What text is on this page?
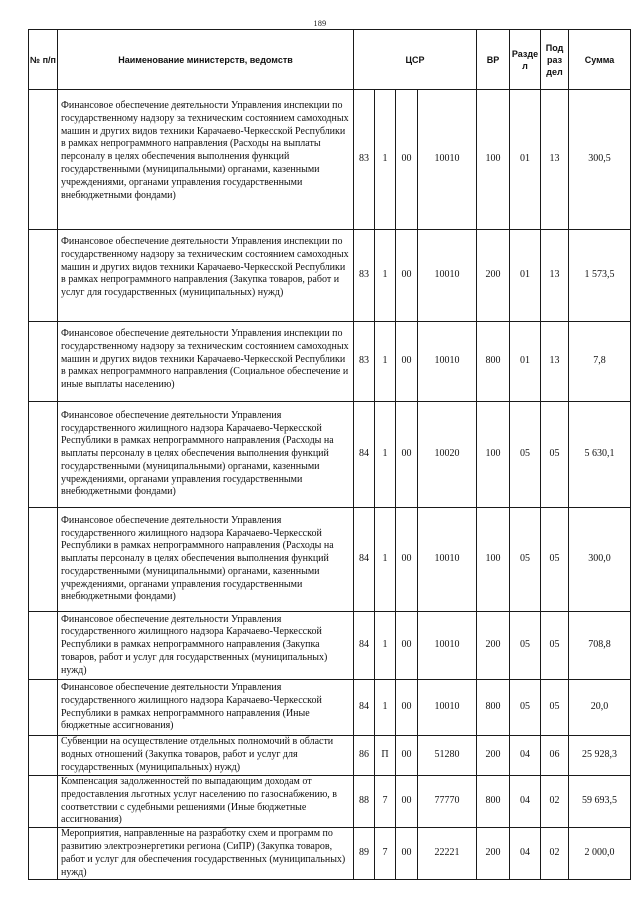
189
№ п/п	Наименование министерств, ведомств	ЦСР				ВР	Разде л	Под раз дел	Сумма
	Финансовое обеспечение деятельности Управления инспекции по государственному надзору за техническим состоянием самоходных машин и других видов техники Карачаево-Черкесской Республики в рамках непрограммного направления (Расходы на выплаты персоналу в целях обеспечения выполнения функций государственными (муниципальными) органами, казенными учреждениями, органами управления государственными внебюджетными фондами)	83	1	00	10010	100	01	13	300,5
	Финансовое обеспечение деятельности Управления инспекции по государственному надзору за техническим состоянием самоходных машин и других видов техники Карачаево-Черкесской Республики в рамках непрограммного направления (Закупка товаров, работ и услуг для государственных (муниципальных) нужд)	83	1	00	10010	200	01	13	1 573,5
	Финансовое обеспечение деятельности Управления инспекции по государственному надзору за техническим состоянием самоходных машин и других видов техники Карачаево-Черкесской Республики в рамках непрограммного направления (Социальное обеспечение и иные выплаты населению)	83	1	00	10010	800	01	13	7,8
	Финансовое обеспечение деятельности Управления государственного жилищного надзора Карачаево-Черкесской Республики в рамках непрограммного направления (Расходы на выплаты персоналу в целях обеспечения выполнения функций государственными (муниципальными) органами, казенными учреждениями, органами управления государственными внебюджетными фондами)	84	1	00	10020	100	05	05	5 630,1
	Финансовое обеспечение деятельности Управления государственного жилищного надзора Карачаево-Черкесской Республики в рамках непрограммного направления (Расходы на выплаты персоналу в целях обеспечения выполнения функций государственными (муниципальными) органами, казенными учреждениями, органами управления государственными внебюджетными фондами)	84	1	00	10010	100	05	05	300,0
	Финансовое обеспечение деятельности Управления государственного жилищного надзора Карачаево-Черкесской Республики в рамках непрограммного направления (Закупка товаров, работ и услуг для государственных (муниципальных) нужд)	84	1	00	10010	200	05	05	708,8
	Финансовое обеспечение деятельности Управления государственного жилищного надзора Карачаево-Черкесской Республики в рамках непрограммного направления (Иные бюджетные ассигнования)	84	1	00	10010	800	05	05	20,0
	Субвенции на осуществление отдельных полномочий в области водных отношений (Закупка товаров, работ и услуг для государственных (муниципальных) нужд)	86	П	00	51280	200	04	06	25 928,3
	Компенсация задолженностей по выпадающим доходам от предоставления льготных услуг населению по газоснабжению, в соответствии с судебными решениями (Иные бюджетные ассигнования)	88	7	00	77770	800	04	02	59 693,5
	Мероприятия, направленные на разработку схем и программ по развитию электроэнергетики региона (СиПР) (Закупка товаров, работ и услуг для обеспечения государственных (муниципальных) нужд)	89	7	00	22221	200	04	02	2 000,0
